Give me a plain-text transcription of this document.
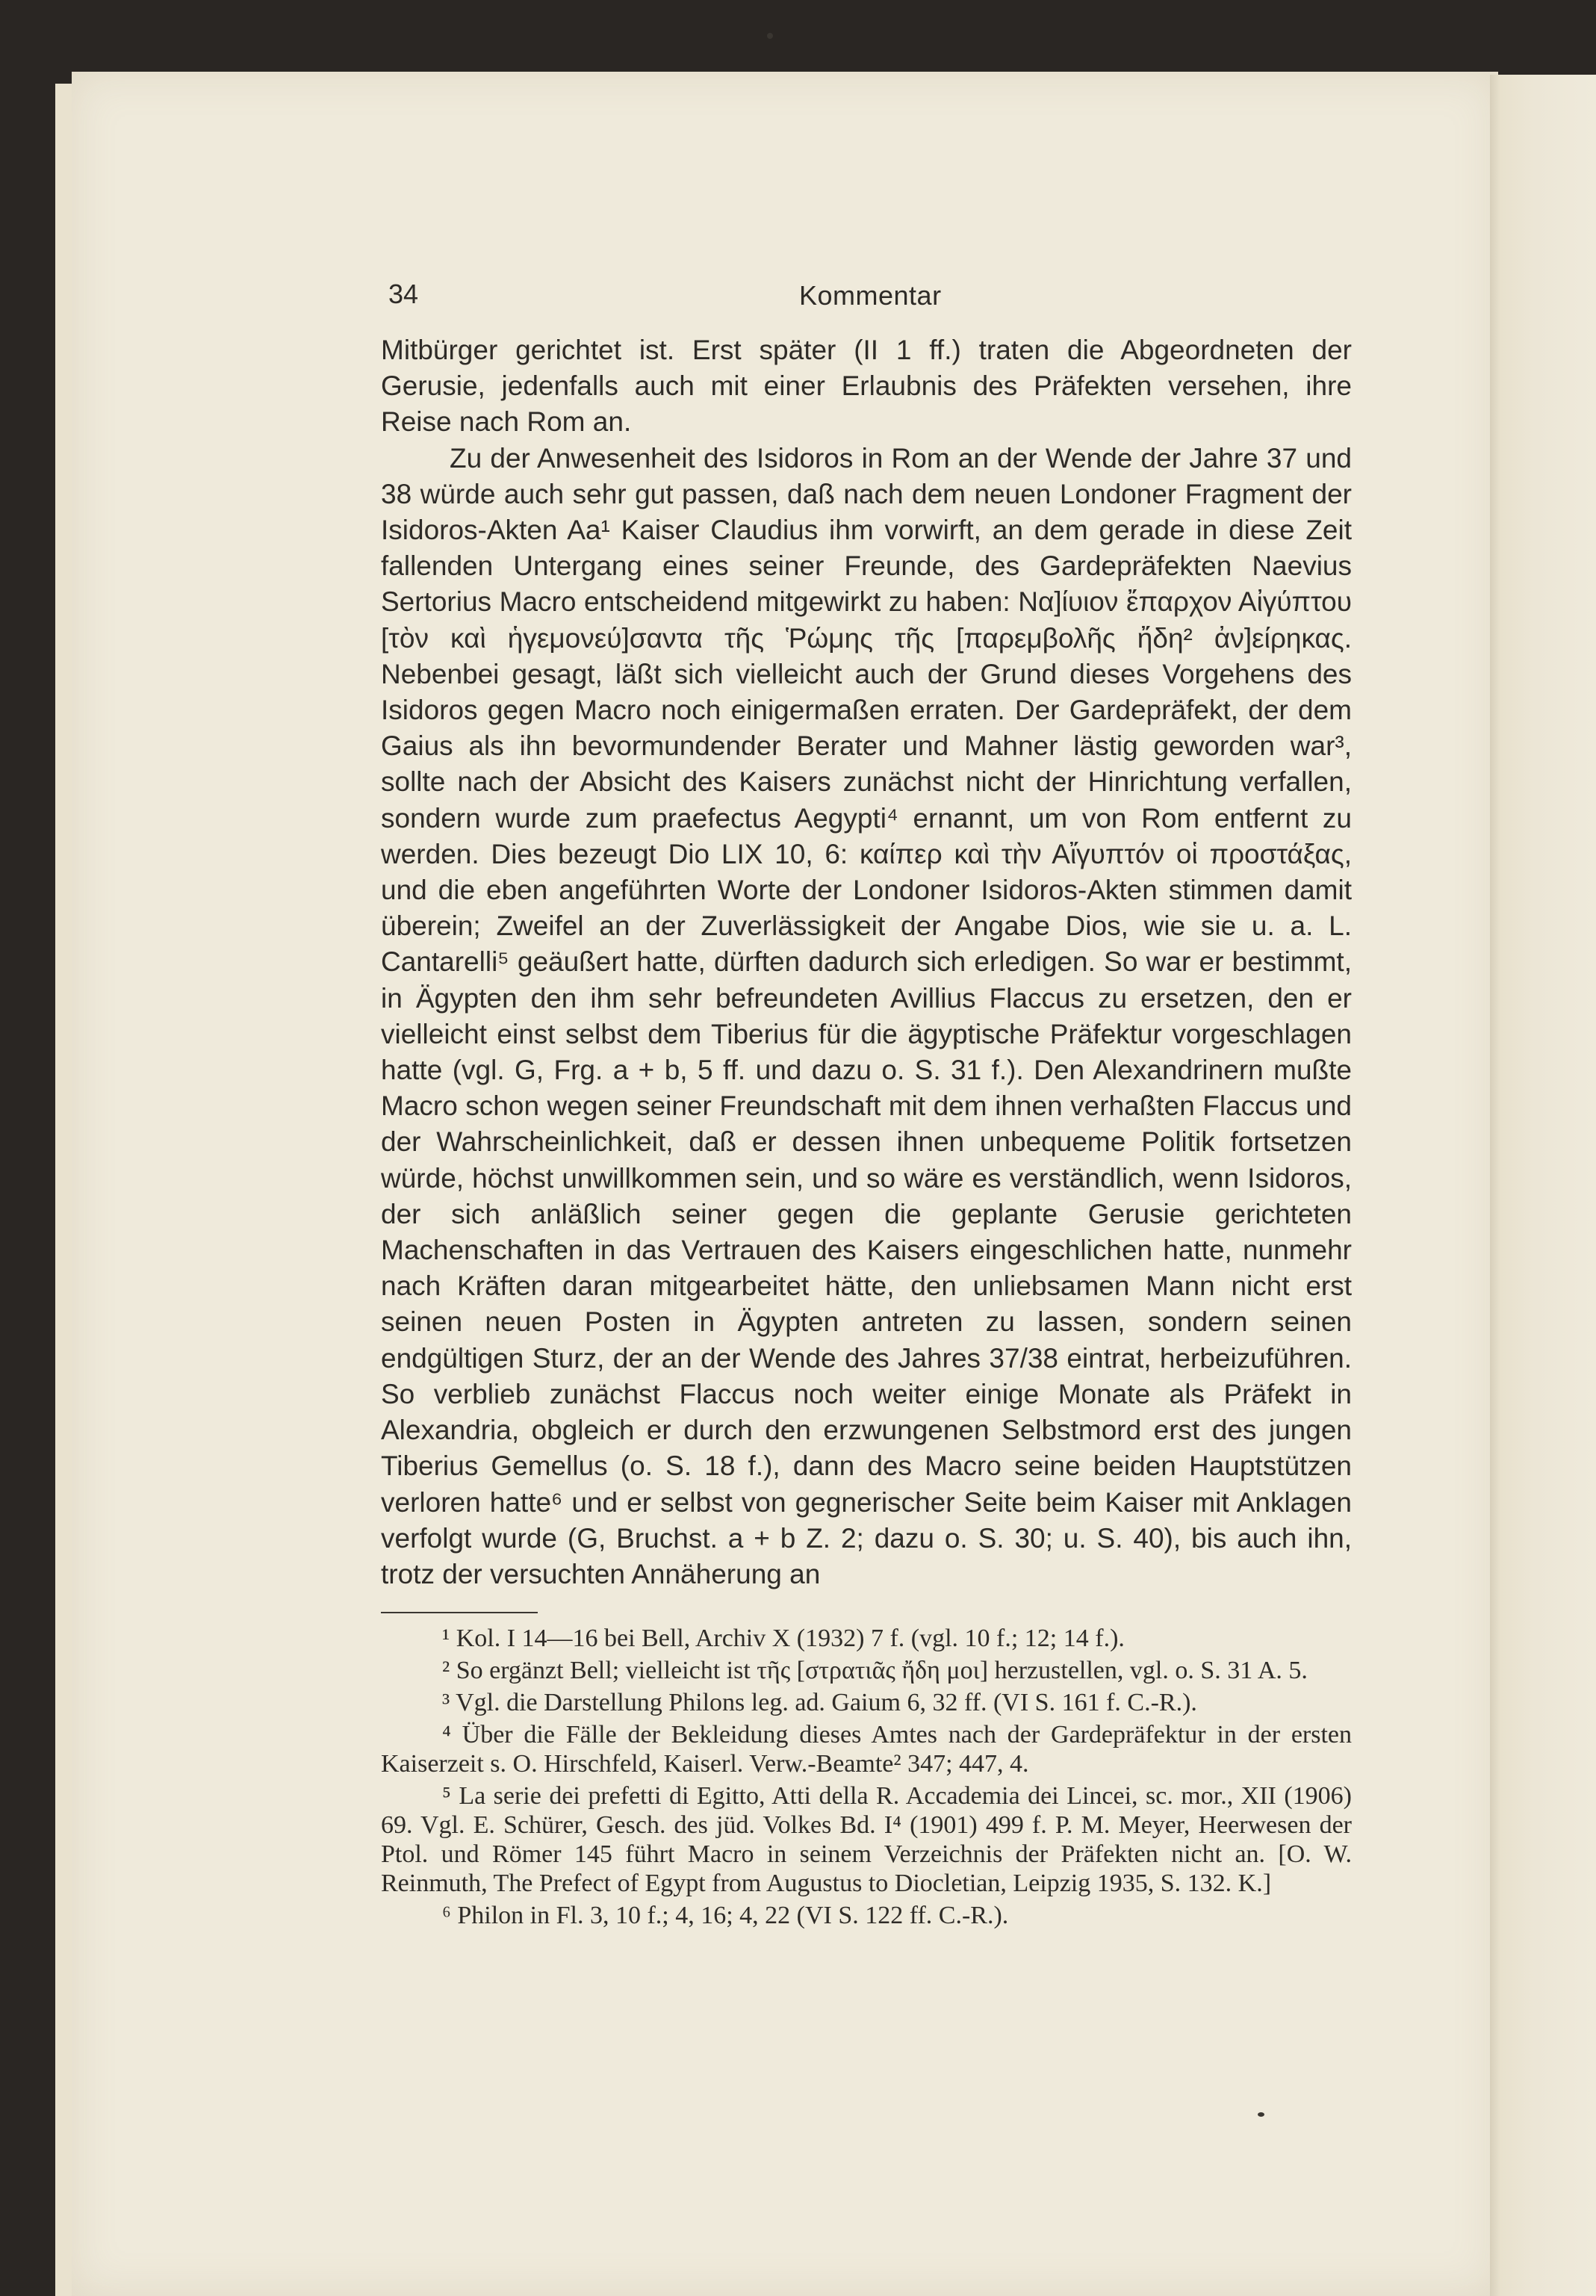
34	Kommentar

Mitbürger gerichtet ist. Erst später (II 1 ff.) traten die Abgeordneten der Gerusie, jedenfalls auch mit einer Erlaubnis des Präfekten versehen, ihre Reise nach Rom an.

Zu der Anwesenheit des Isidoros in Rom an der Wende der Jahre 37 und 38 würde auch sehr gut passen, daß nach dem neuen Londoner Fragment der Isidoros-Akten Aa¹ Kaiser Claudius ihm vorwirft, an dem gerade in diese Zeit fallenden Untergang eines seiner Freunde, des Gardepräfekten Naevius Sertorius Macro entscheidend mitgewirkt zu haben: Να]ίυιον ἔπαρχον Αἰγύπτου [τὸν καὶ ἡγεμονεύ]σαντα τῆς Ῥώμης τῆς [παρεμβολῆς ἤδη² ἀν]είρηκας. Nebenbei gesagt, läßt sich vielleicht auch der Grund dieses Vorgehens des Isidoros gegen Macro noch einigermaßen erraten. Der Gardepräfekt, der dem Gaius als ihn bevormundender Berater und Mahner lästig geworden war³, sollte nach der Absicht des Kaisers zunächst nicht der Hinrichtung verfallen, sondern wurde zum praefectus Aegypti⁴ ernannt, um von Rom entfernt zu werden. Dies bezeugt Dio LIX 10, 6: καίπερ καὶ τὴν Αἴγυπτόν οἱ προστάξας, und die eben angeführten Worte der Londoner Isidoros-Akten stimmen damit überein; Zweifel an der Zuverlässigkeit der Angabe Dios, wie sie u. a. L. Cantarelli⁵ geäußert hatte, dürften dadurch sich erledigen. So war er bestimmt, in Ägypten den ihm sehr befreundeten Avillius Flaccus zu ersetzen, den er vielleicht einst selbst dem Tiberius für die ägyptische Präfektur vorgeschlagen hatte (vgl. G, Frg. a + b, 5 ff. und dazu o. S. 31 f.). Den Alexandrinern mußte Macro schon wegen seiner Freundschaft mit dem ihnen verhaßten Flaccus und der Wahrscheinlichkeit, daß er dessen ihnen unbequeme Politik fortsetzen würde, höchst unwillkommen sein, und so wäre es verständlich, wenn Isidoros, der sich anläßlich seiner gegen die geplante Gerusie gerichteten Machenschaften in das Vertrauen des Kaisers eingeschlichen hatte, nunmehr nach Kräften daran mitgearbeitet hätte, den unliebsamen Mann nicht erst seinen neuen Posten in Ägypten antreten zu lassen, sondern seinen endgültigen Sturz, der an der Wende des Jahres 37/38 eintrat, herbeizuführen. So verblieb zunächst Flaccus noch weiter einige Monate als Präfekt in Alexandria, obgleich er durch den erzwungenen Selbstmord erst des jungen Tiberius Gemellus (o. S. 18 f.), dann des Macro seine beiden Hauptstützen verloren hatte⁶ und er selbst von gegnerischer Seite beim Kaiser mit Anklagen verfolgt wurde (G, Bruchst. a + b Z. 2; dazu o. S. 30; u. S. 40), bis auch ihn, trotz der versuchten Annäherung an

¹ Kol. I 14—16 bei Bell, Archiv X (1932) 7 f. (vgl. 10 f.; 12; 14 f.).

² So ergänzt Bell; vielleicht ist τῆς [στρατιᾶς ἤδη μοι] herzustellen, vgl. o. S. 31 A. 5.

³ Vgl. die Darstellung Philons leg. ad. Gaium 6, 32 ff. (VI S. 161 f. C.-R.).

⁴ Über die Fälle der Bekleidung dieses Amtes nach der Gardepräfektur in der ersten Kaiserzeit s. O. Hirschfeld, Kaiserl. Verw.-Beamte² 347; 447, 4.

⁵ La serie dei prefetti di Egitto, Atti della R. Accademia dei Lincei, sc. mor., XII (1906) 69. Vgl. E. Schürer, Gesch. des jüd. Volkes Bd. I⁴ (1901) 499 f. P. M. Meyer, Heerwesen der Ptol. und Römer 145 führt Macro in seinem Verzeichnis der Präfekten nicht an. [O. W. Reinmuth, The Prefect of Egypt from Augustus to Diocletian, Leipzig 1935, S. 132. K.]

⁶ Philon in Fl. 3, 10 f.; 4, 16; 4, 22 (VI S. 122 ff. C.-R.).
